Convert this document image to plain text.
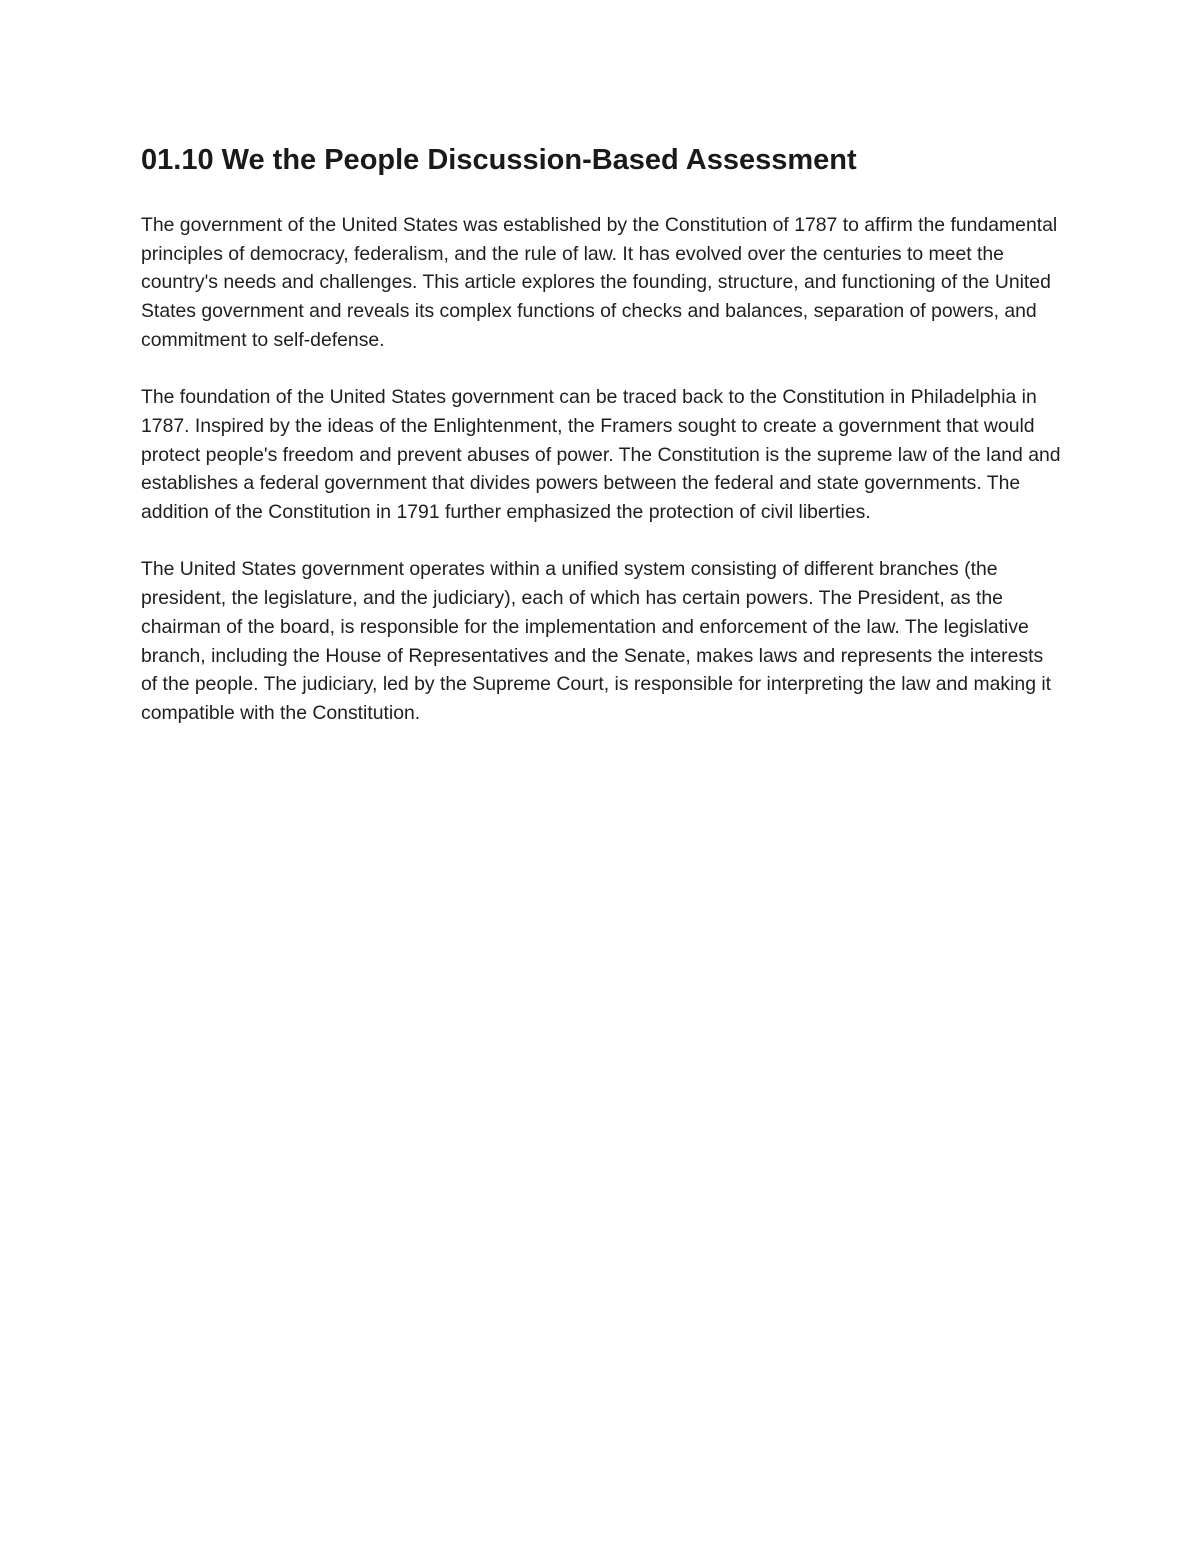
01.10 We the People Discussion-Based Assessment

The government of the United States was established by the Constitution of 1787 to afﬁrm the fundamental principles of democracy, federalism, and the rule of law. It has evolved over the centuries to meet the country's needs and challenges. This article explores the founding, structure, and functioning of the United States government and reveals its complex functions of checks and balances, separation of powers, and commitment to self-defense.

The foundation of the United States government can be traced back to the Constitution in Philadelphia in 1787. Inspired by the ideas of the Enlightenment, the Framers sought to create a government that would protect people's freedom and prevent abuses of power. The Constitution is the supreme law of the land and establishes a federal government that divides powers between the federal and state governments. The addition of the Constitution in 1791 further emphasized the protection of civil liberties.

The United States government operates within a unified system consisting of different branches (the president, the legislature, and the judiciary), each of which has certain powers. The President, as the chairman of the board, is responsible for the implementation and enforcement of the law. The legislative branch, including the House of Representatives and the Senate, makes laws and represents the interests of the people. The judiciary, led by the Supreme Court, is responsible for interpreting the law and making it compatible with the Constitution.
